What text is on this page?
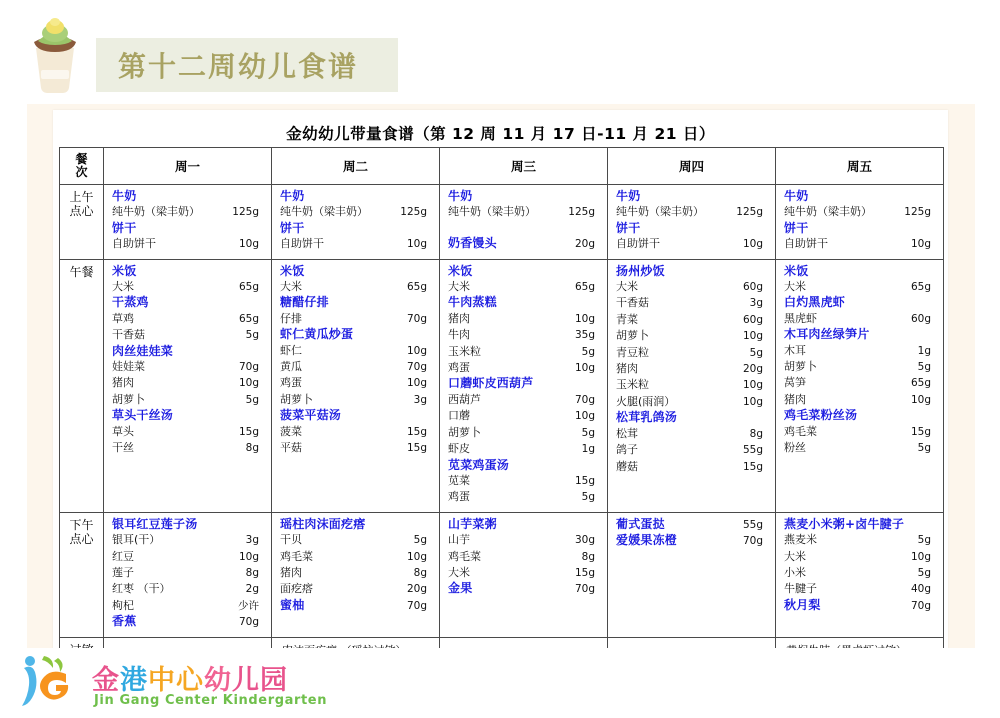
第十二周幼儿食谱
金幼幼儿带量食谱（第 12 周 11 月 17 日-11 月 21 日）
餐
次	周一	周二	周三	周四	周五

上午
点心

牛奶
纯牛奶（梁丰奶）	125g
饼干
自助饼干	10g

牛奶
纯牛奶（梁丰奶）	125g
饼干
自助饼干	10g

牛奶
纯牛奶（梁丰奶）	125g
奶香馒头	20g

牛奶
纯牛奶（梁丰奶）	125g
饼干
自助饼干	10g

牛奶
纯牛奶（梁丰奶）	125g
饼干
自助饼干	10g

午餐	米饭
大米	65g
干蒸鸡
草鸡	65g
干香菇	5g
肉丝娃娃菜
娃娃菜	70g
猪肉	10g
胡萝卜	5g
草头干丝汤
草头	15g
干丝	8g

米饭
大米	65g
糖醋仔排
仔排	70g
虾仁黄瓜炒蛋
虾仁	10g
黄瓜	70g
鸡蛋	10g
胡萝卜	3g
菠菜平菇汤
菠菜	15g
平菇	15g

米饭
大米	65g
牛肉蒸糕
猪肉	10g
牛肉	35g
玉米粒	5g
鸡蛋	10g
口蘑虾皮西葫芦
西葫芦	70g
口蘑	10g
胡萝卜	5g
虾皮	1g
苋菜鸡蛋汤
苋菜	15g
鸡蛋	5g

扬州炒饭
大米	60g
干香菇	3g
青菜	60g
胡萝卜	10g
青豆粒	5g
猪肉	20g
玉米粒	10g
火腿(雨润）	10g
松茸乳鸽汤
松茸	8g
鸽子	55g
蘑菇	15g

米饭
大米	65g
白灼黑虎虾
黑虎虾	60g
木耳肉丝绿笋片
木耳	1g
胡萝卜	5g
莴笋	65g
猪肉	10g
鸡毛菜粉丝汤
鸡毛菜	15g
粉丝	5g

下午
点心

银耳红豆莲子汤
银耳(干）	3g
红豆	10g
莲子	8g
红枣 （干）	2g
枸杞	少许
香蕉	70g

瑶柱肉沫面疙瘩
干贝	5g
鸡毛菜	10g
猪肉	8g
面疙瘩	20g
蜜柚	70g

山芋菜粥
山芋	30g
鸡毛菜	8g
大米	15g
金果	70g

葡式蛋挞	55g
爱媛果冻橙	70g

燕麦小米粥+卤牛腱子
燕麦米	5g
大米	10g
小米	5g
牛腱子	40g
秋月梨	70g

金港中心幼儿园
Jin Gang Center Kindergarten
